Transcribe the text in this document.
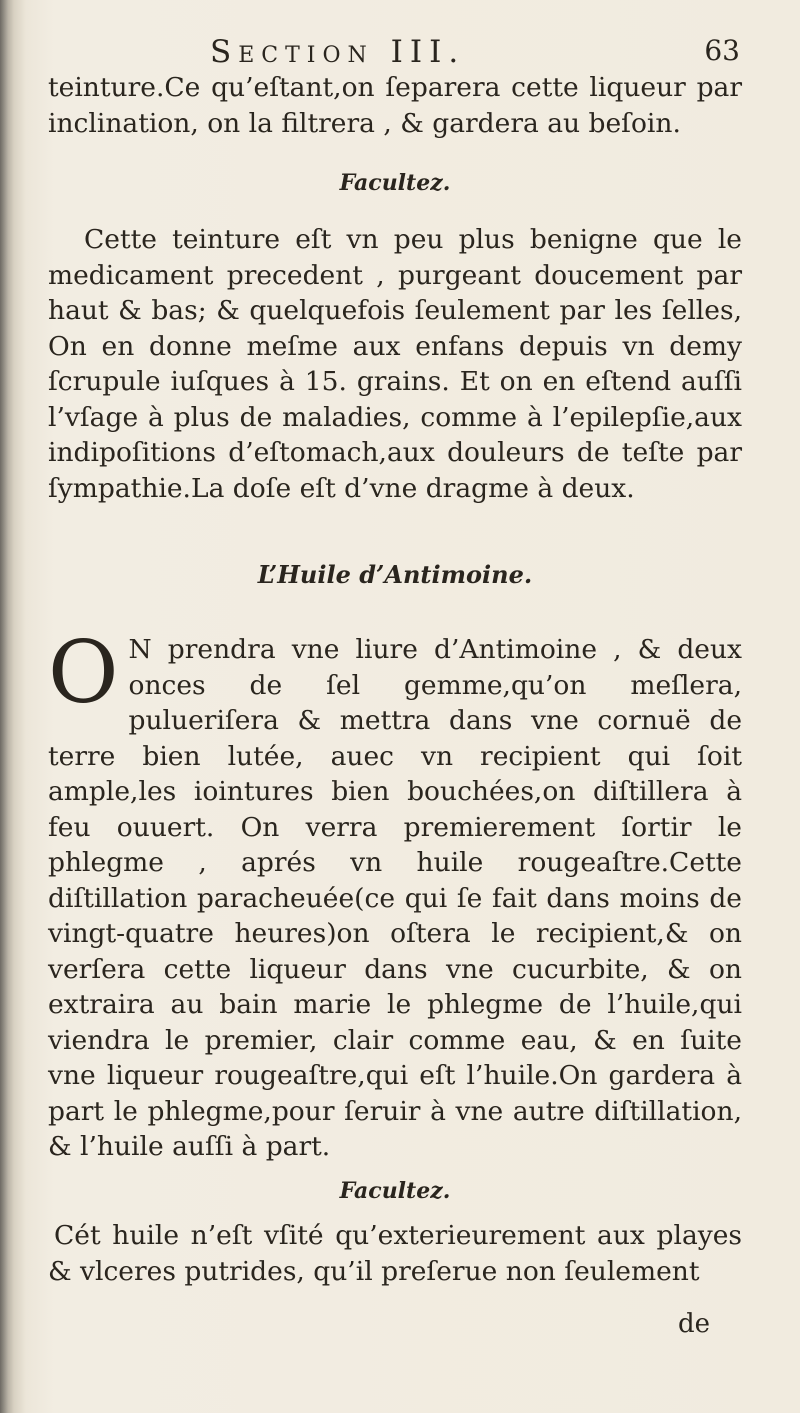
Section III.	63

teinture.Ce qu’eſtant,on ſeparera cette liqueur par inclination, on la filtrera , & gardera au beſoin.

Facultez.

Cette teinture eſt vn peu plus benigne que le medicament precedent , purgeant doucement par haut & bas; & quelquefois ſeulement par les ſelles, On en donne meſme aux enfans depuis vn demy ſcrupule iuſques à 15. grains. Et on en eſtend auſſi l’vſage à plus de maladies, comme à l’epilepſie,aux indipoſitions d’eſtomach,aux douleurs de teſte par ſympathie.La doſe eſt d’vne dragme à deux.

L’Huile d’Antimoine.

O N prendra vne liure d’Antimoine , & deux onces de ſel gemme,qu’on meſlera, pulueriſera & mettra dans vne cornuë de terre bien lutée, auec vn recipient qui ſoit ample,les iointures bien bouchées,on diſtillera à feu ouuert. On verra premierement ſortir le phlegme , aprés vn huile rougeaſtre.Cette diſtillation paracheuée(ce qui ſe fait dans moins de vingt-quatre heures)on oſtera le recipient,& on verſera cette liqueur dans vne cucurbite, & on extraira au bain marie le phlegme de l’huile,qui viendra le premier, clair comme eau, & en ſuite vne liqueur rougeaſtre,qui eſt l’huile.On gardera à part le phlegme,pour ſeruir à vne autre diſtillation, & l’huile auſſi à part.

Facultez.

Cét huile n’eſt vſité qu’exterieurement aux playes & vlceres putrides, qu’il preſerue non ſeulement

de
